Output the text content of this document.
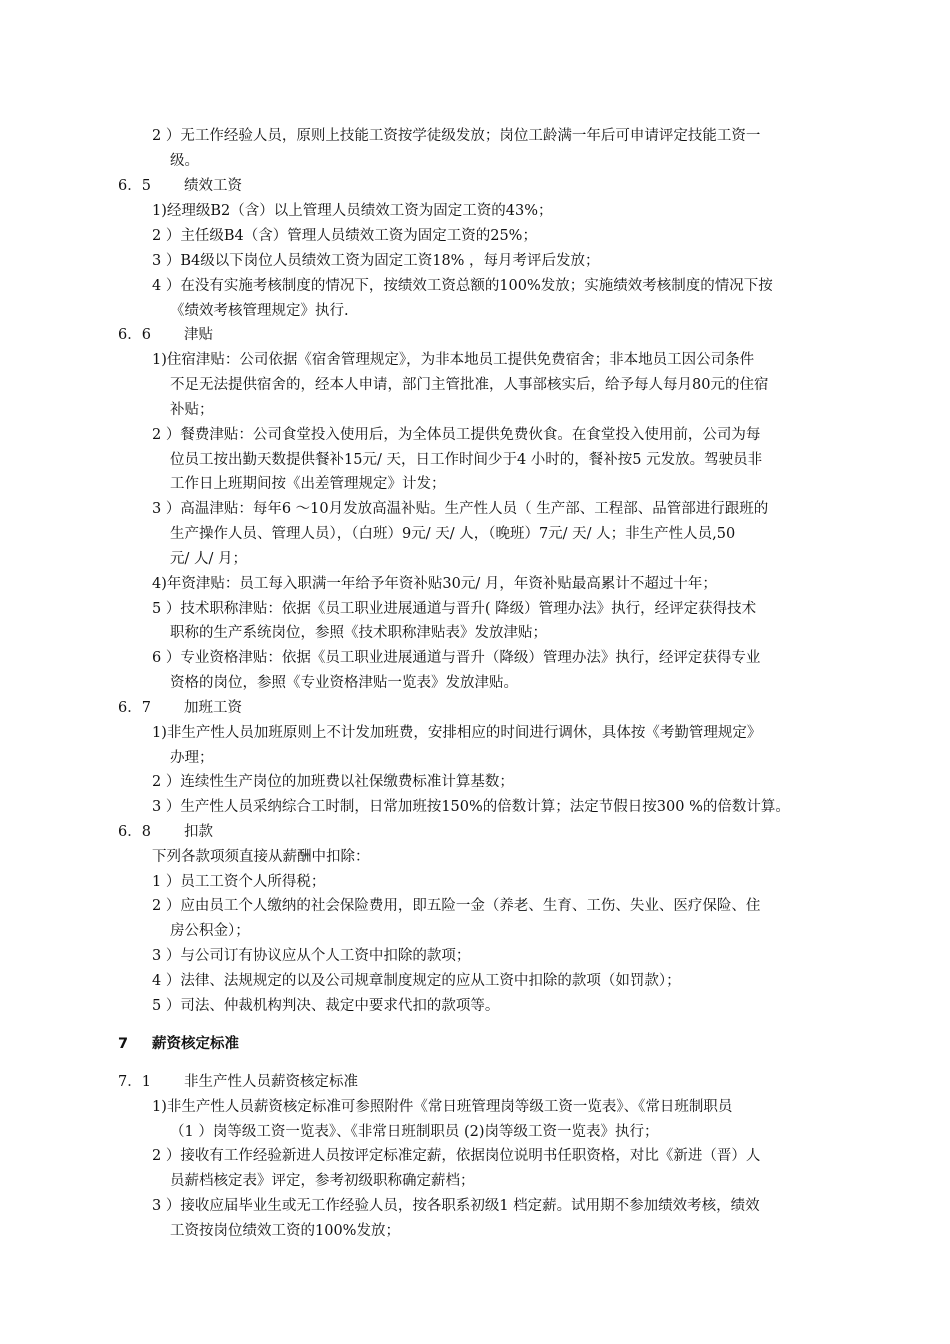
2 ）无工作经验人员，原则上技能工资按学徒级发放；岗位工龄满一年后可申请评定技能工资一
级。
6．5 绩效工资
1)经理级B2（含）以上管理人员绩效工资为固定工资的43%；
2 ）主任级B4（含）管理人员绩效工资为固定工资的25%；
3 ）B4级以下岗位人员绩效工资为固定工资18% ，每月考评后发放；
4 ）在没有实施考核制度的情况下，按绩效工资总额的100%发放；实施绩效考核制度的情况下按
《绩效考核管理规定》执行.
6．6 津贴
1)住宿津贴：公司依据《宿舍管理规定》，为非本地员工提供免费宿舍；非本地员工因公司条件
不足无法提供宿舍的，经本人申请，部门主管批准，人事部核实后，给予每人每月80元的住宿
补贴；
2 ）餐费津贴：公司食堂投入使用后，为全体员工提供免费伙食。在食堂投入使用前，公司为每
位员工按出勤天数提供餐补15元/ 天，日工作时间少于4 小时的，餐补按5 元发放。驾驶员非
工作日上班期间按《出差管理规定》计发；
3 ）高温津贴：每年6 ～10月发放高温补贴。生产性人员（ 生产部、工程部、品管部进行跟班的
生产操作人员、管理人员），（白班）9元/ 天/ 人，（晚班）7元/ 天/ 人；非生产性人员,50
元/ 人/ 月；
4)年资津贴：员工每入职满一年给予年资补贴30元/ 月，年资补贴最高累计不超过十年；
5 ）技术职称津贴：依据《员工职业进展通道与晋升( 降级）管理办法》执行，经评定获得技术
职称的生产系统岗位，参照《技术职称津贴表》发放津贴；
6 ）专业资格津贴：依据《员工职业进展通道与晋升（降级）管理办法》执行，经评定获得专业
资格的岗位，参照《专业资格津贴一览表》发放津贴。
6．7 加班工资
1)非生产性人员加班原则上不计发加班费，安排相应的时间进行调休，具体按《考勤管理规定》
办理；
2 ）连续性生产岗位的加班费以社保缴费标准计算基数；
3 ）生产性人员采纳综合工时制，日常加班按150%的倍数计算；法定节假日按300 %的倍数计算。
6．8 扣款
下列各款项须直接从薪酬中扣除：
1 ）员工工资个人所得税；
2 ）应由员工个人缴纳的社会保险费用，即五险一金（养老、生育、工伤、失业、医疗保险、住
房公积金）；
3 ）与公司订有协议应从个人工资中扣除的款项；
4 ）法律、法规规定的以及公司规章制度规定的应从工资中扣除的款项（如罚款）；
5 ）司法、仲裁机构判决、裁定中要求代扣的款项等。
7 薪资核定标准
7．1 非生产性人员薪资核定标准
1)非生产性人员薪资核定标准可参照附件《常日班管理岗等级工资一览表》、《常日班制职员
（1 ）岗等级工资一览表》、《非常日班制职员 (2)岗等级工资一览表》执行；
2 ）接收有工作经验新进人员按评定标准定薪，依据岗位说明书任职资格，对比《新进（晋）人
员薪档核定表》评定，参考初级职称确定薪档；
3 ）接收应届毕业生或无工作经验人员，按各职系初级1 档定薪。试用期不参加绩效考核，绩效
工资按岗位绩效工资的100%发放；
